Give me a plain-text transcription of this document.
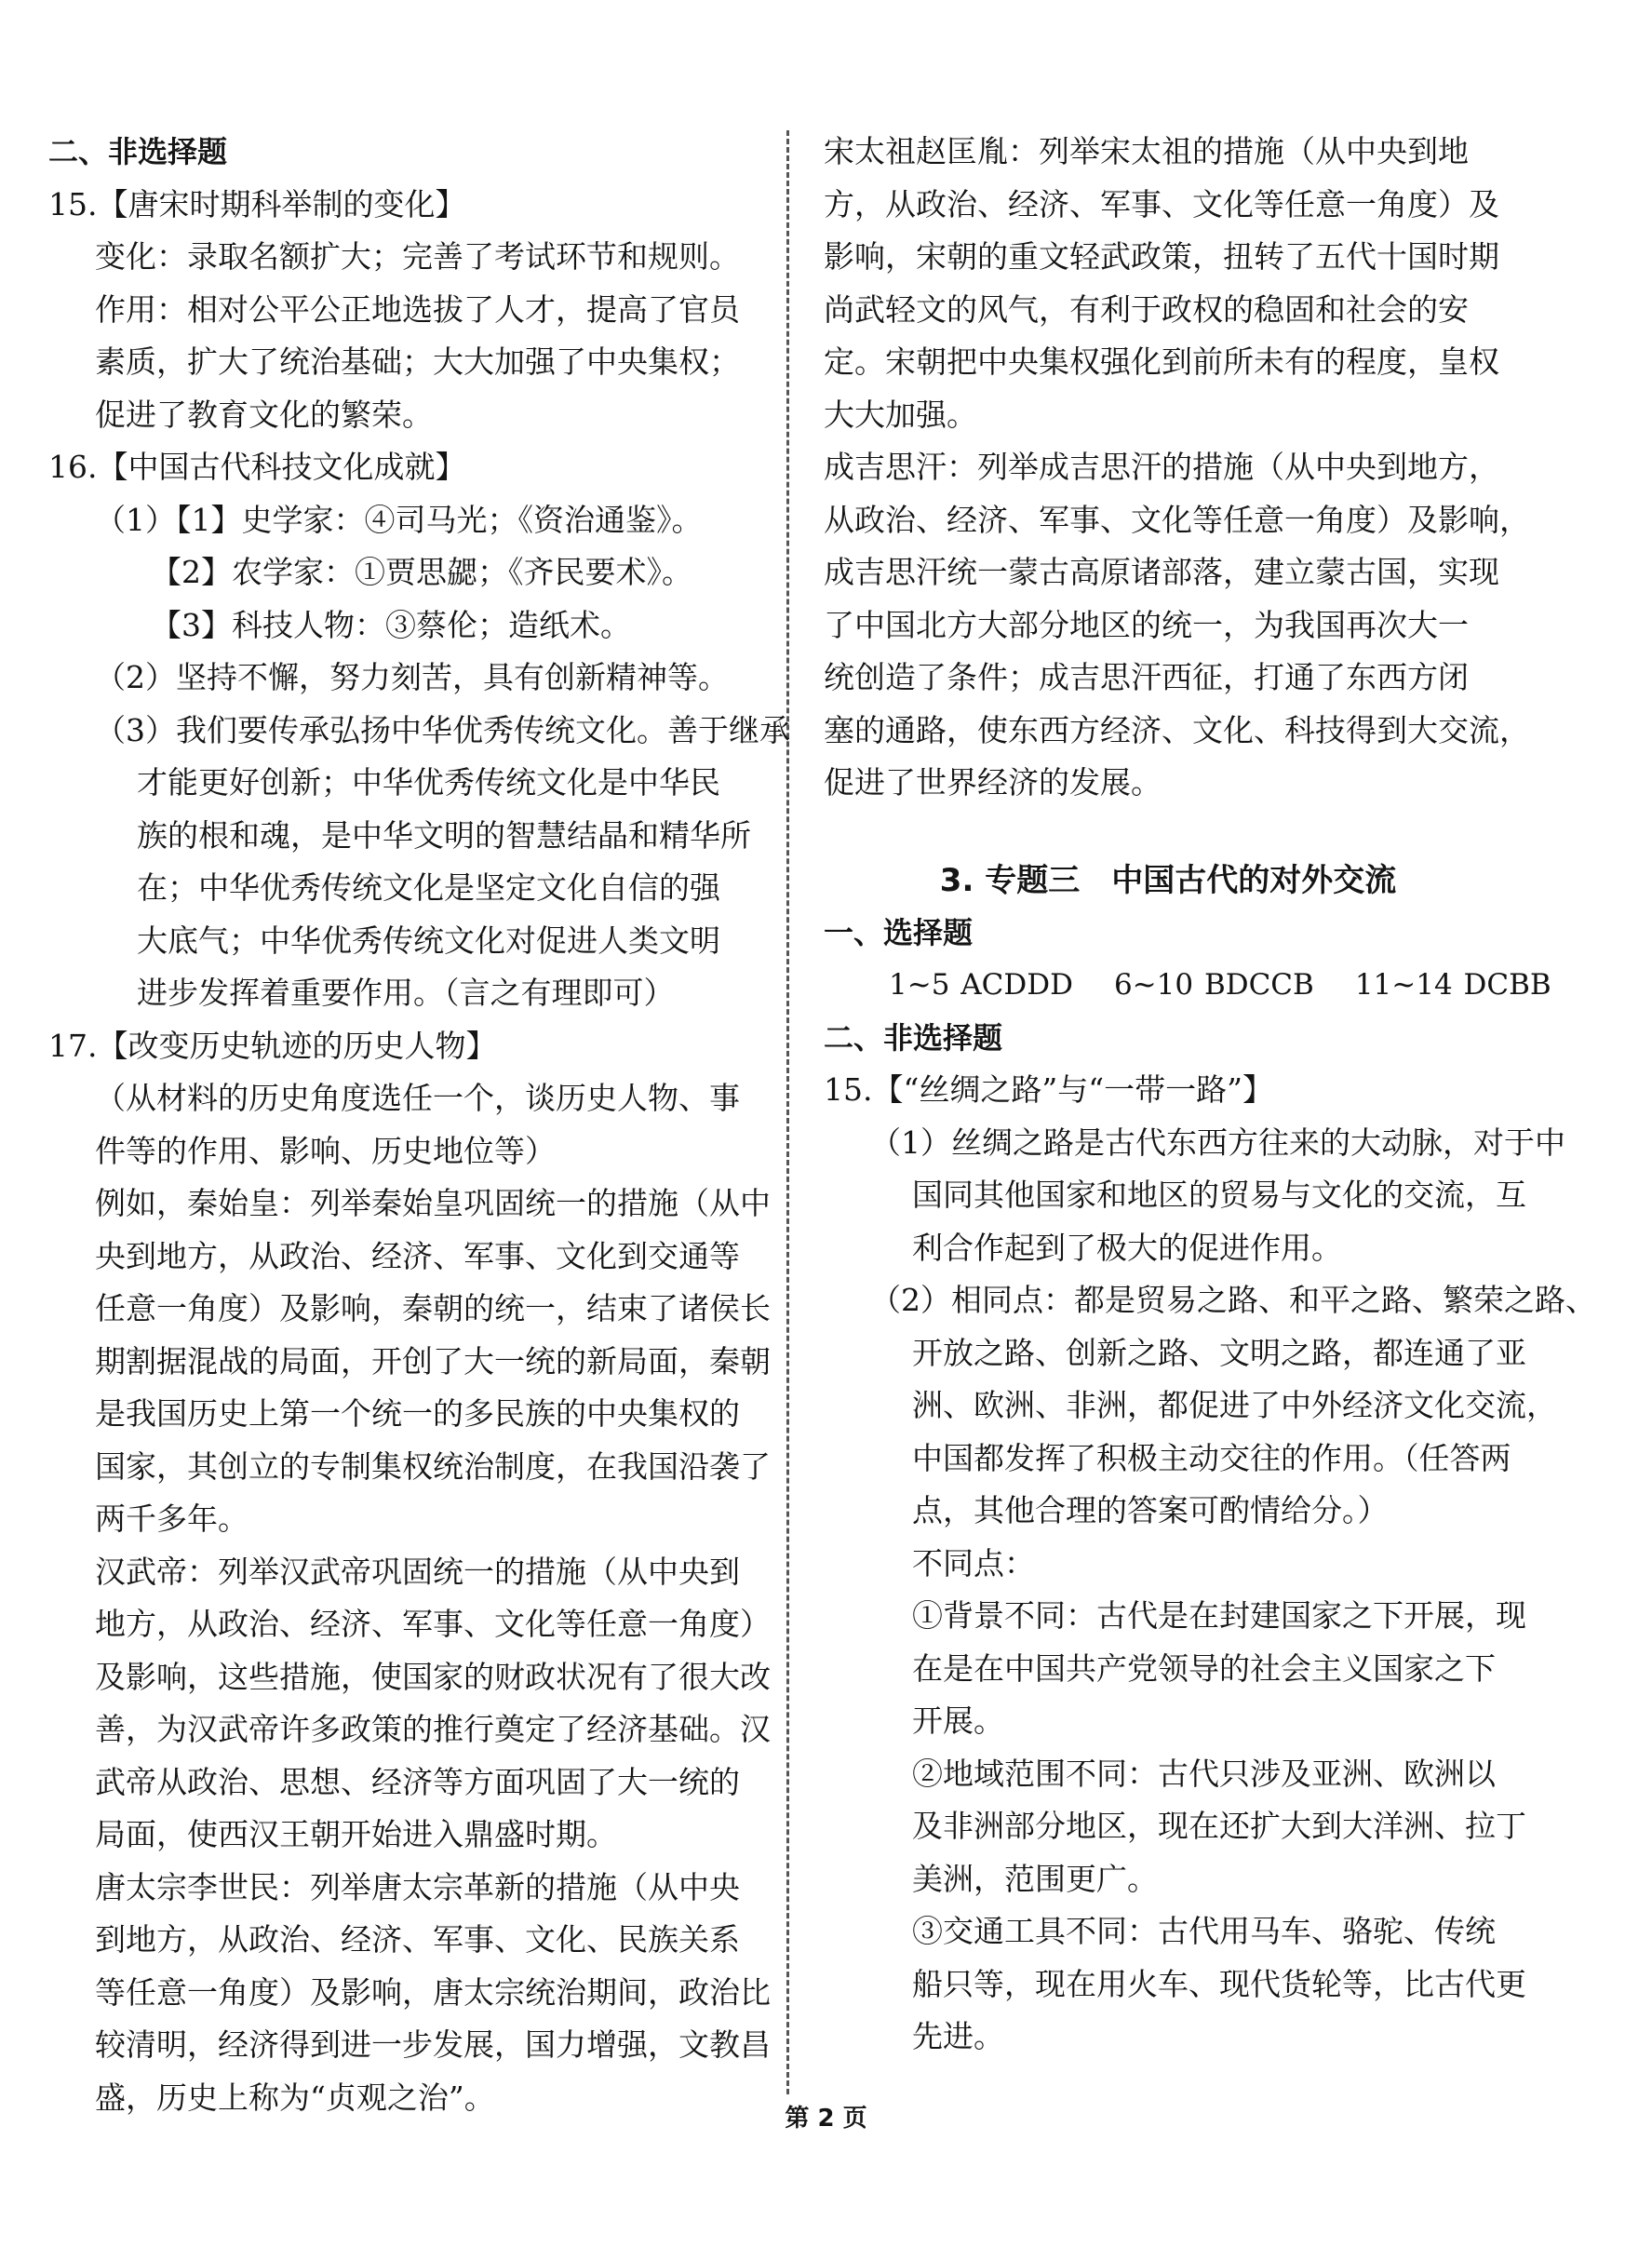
二、非选择题
15.【唐宋时期科举制的变化】
变化：录取名额扩大；完善了考试环节和规则。
作用：相对公平公正地选拔了人才，提高了官员
素质，扩大了统治基础；大大加强了中央集权；
促进了教育文化的繁荣。
16.【中国古代科技文化成就】
（1）【1】史学家：④司马光；《资治通鉴》。
【2】农学家：①贾思勰；《齐民要术》。
【3】科技人物：③蔡伦；造纸术。
（2）坚持不懈，努力刻苦，具有创新精神等。
（3）我们要传承弘扬中华优秀传统文化。善于继承
才能更好创新；中华优秀传统文化是中华民
族的根和魂，是中华文明的智慧结晶和精华所
在；中华优秀传统文化是坚定文化自信的强
大底气；中华优秀传统文化对促进人类文明
进步发挥着重要作用。（言之有理即可）
17.【改变历史轨迹的历史人物】
（从材料的历史角度选任一个，谈历史人物、事
件等的作用、影响、历史地位等）
例如，秦始皇：列举秦始皇巩固统一的措施（从中
央到地方，从政治、经济、军事、文化到交通等
任意一角度）及影响，秦朝的统一，结束了诸侯长
期割据混战的局面，开创了大一统的新局面，秦朝
是我国历史上第一个统一的多民族的中央集权的
国家，其创立的专制集权统治制度，在我国沿袭了
两千多年。
汉武帝：列举汉武帝巩固统一的措施（从中央到
地方，从政治、经济、军事、文化等任意一角度）
及影响，这些措施，使国家的财政状况有了很大改
善，为汉武帝许多政策的推行奠定了经济基础。汉
武帝从政治、思想、经济等方面巩固了大一统的
局面，使西汉王朝开始进入鼎盛时期。
唐太宗李世民：列举唐太宗革新的措施（从中央
到地方，从政治、经济、军事、文化、民族关系
等任意一角度）及影响，唐太宗统治期间，政治比
较清明，经济得到进一步发展，国力增强，文教昌
盛，历史上称为“贞观之治”。
宋太祖赵匡胤：列举宋太祖的措施（从中央到地
方，从政治、经济、军事、文化等任意一角度）及
影响，宋朝的重文轻武政策，扭转了五代十国时期
尚武轻文的风气，有利于政权的稳固和社会的安
定。宋朝把中央集权强化到前所未有的程度，皇权
大大加强。
成吉思汗：列举成吉思汗的措施（从中央到地方，
从政治、经济、军事、文化等任意一角度）及影响，
成吉思汗统一蒙古高原诸部落，建立蒙古国，实现
了中国北方大部分地区的统一，为我国再次大一
统创造了条件；成吉思汗西征，打通了东西方闭
塞的通路，使东西方经济、文化、科技得到大交流，
促进了世界经济的发展。
3. 专题三　中国古代的对外交流
一、选择题
1~5 ACDDD 6~10 BDCCB 11~14 DCBB
二、非选择题
15.【“丝绸之路”与“一带一路”】
（1）丝绸之路是古代东西方往来的大动脉，对于中
国同其他国家和地区的贸易与文化的交流，互
利合作起到了极大的促进作用。
（2）相同点：都是贸易之路、和平之路、繁荣之路、
开放之路、创新之路、文明之路，都连通了亚
洲、欧洲、非洲，都促进了中外经济文化交流，
中国都发挥了积极主动交往的作用。（任答两
点，其他合理的答案可酌情给分。）
不同点：
①背景不同：古代是在封建国家之下开展，现
在是在中国共产党领导的社会主义国家之下
开展。
②地域范围不同：古代只涉及亚洲、欧洲以
及非洲部分地区，现在还扩大到大洋洲、拉丁
美洲，范围更广。
③交通工具不同：古代用马车、骆驼、传统
船只等，现在用火车、现代货轮等，比古代更
先进。
第 2 页
